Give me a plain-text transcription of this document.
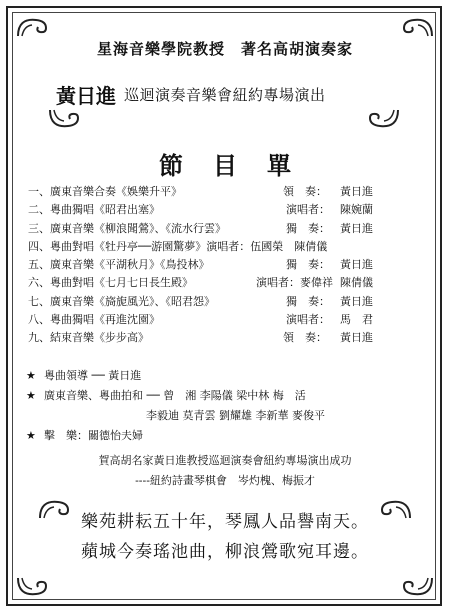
星海音樂學院教授　著名高胡演奏家
黃日進 巡迴演奏音樂會紐約專場演出
節目單
一、廣東音樂合奏《娛樂升平》	領　奏： 黃日進
二、粵曲獨唱《昭君出塞》	演唱者： 陳婉蘭
三、廣東音樂《柳浪聞鶯》、《流水行雲》	獨　奏： 黃日進
四、粵曲對唱《牡丹亭──游園驚夢》演唱者：伍國榮　陳倩儀
五、廣東音樂《平湖秋月》《鳥投林》	獨　奏： 黃日進
六、粵曲對唱《七月七日長生殿》	演唱者：麥偉祥 陳倩儀
七、廣東音樂《旖旎風光》、《昭君怨》	獨　奏： 黃日進
八、粵曲獨唱《再進沈園》	演唱者： 馬　君
九、結束音樂《步步高》	領　奏： 黃日進
★ 粵曲領導 ── 黃日進
★ 廣東音樂、粵曲拍和 ── 曾　湘 李陽儀 梁中林 梅　活
李毅迪 莫青雲 劉耀雄 李新華 麥俊平
★ 擊　樂：關德怡夫婦
賀高胡名家黃日進教授巡迴演奏會紐約專場演出成功
----紐約詩畫琴棋會　岑灼槐、梅振才
樂苑耕耘五十年，琴鳳人品譽南天。
蘋城今奏瑤池曲，柳浪鶯歌宛耳邊。
